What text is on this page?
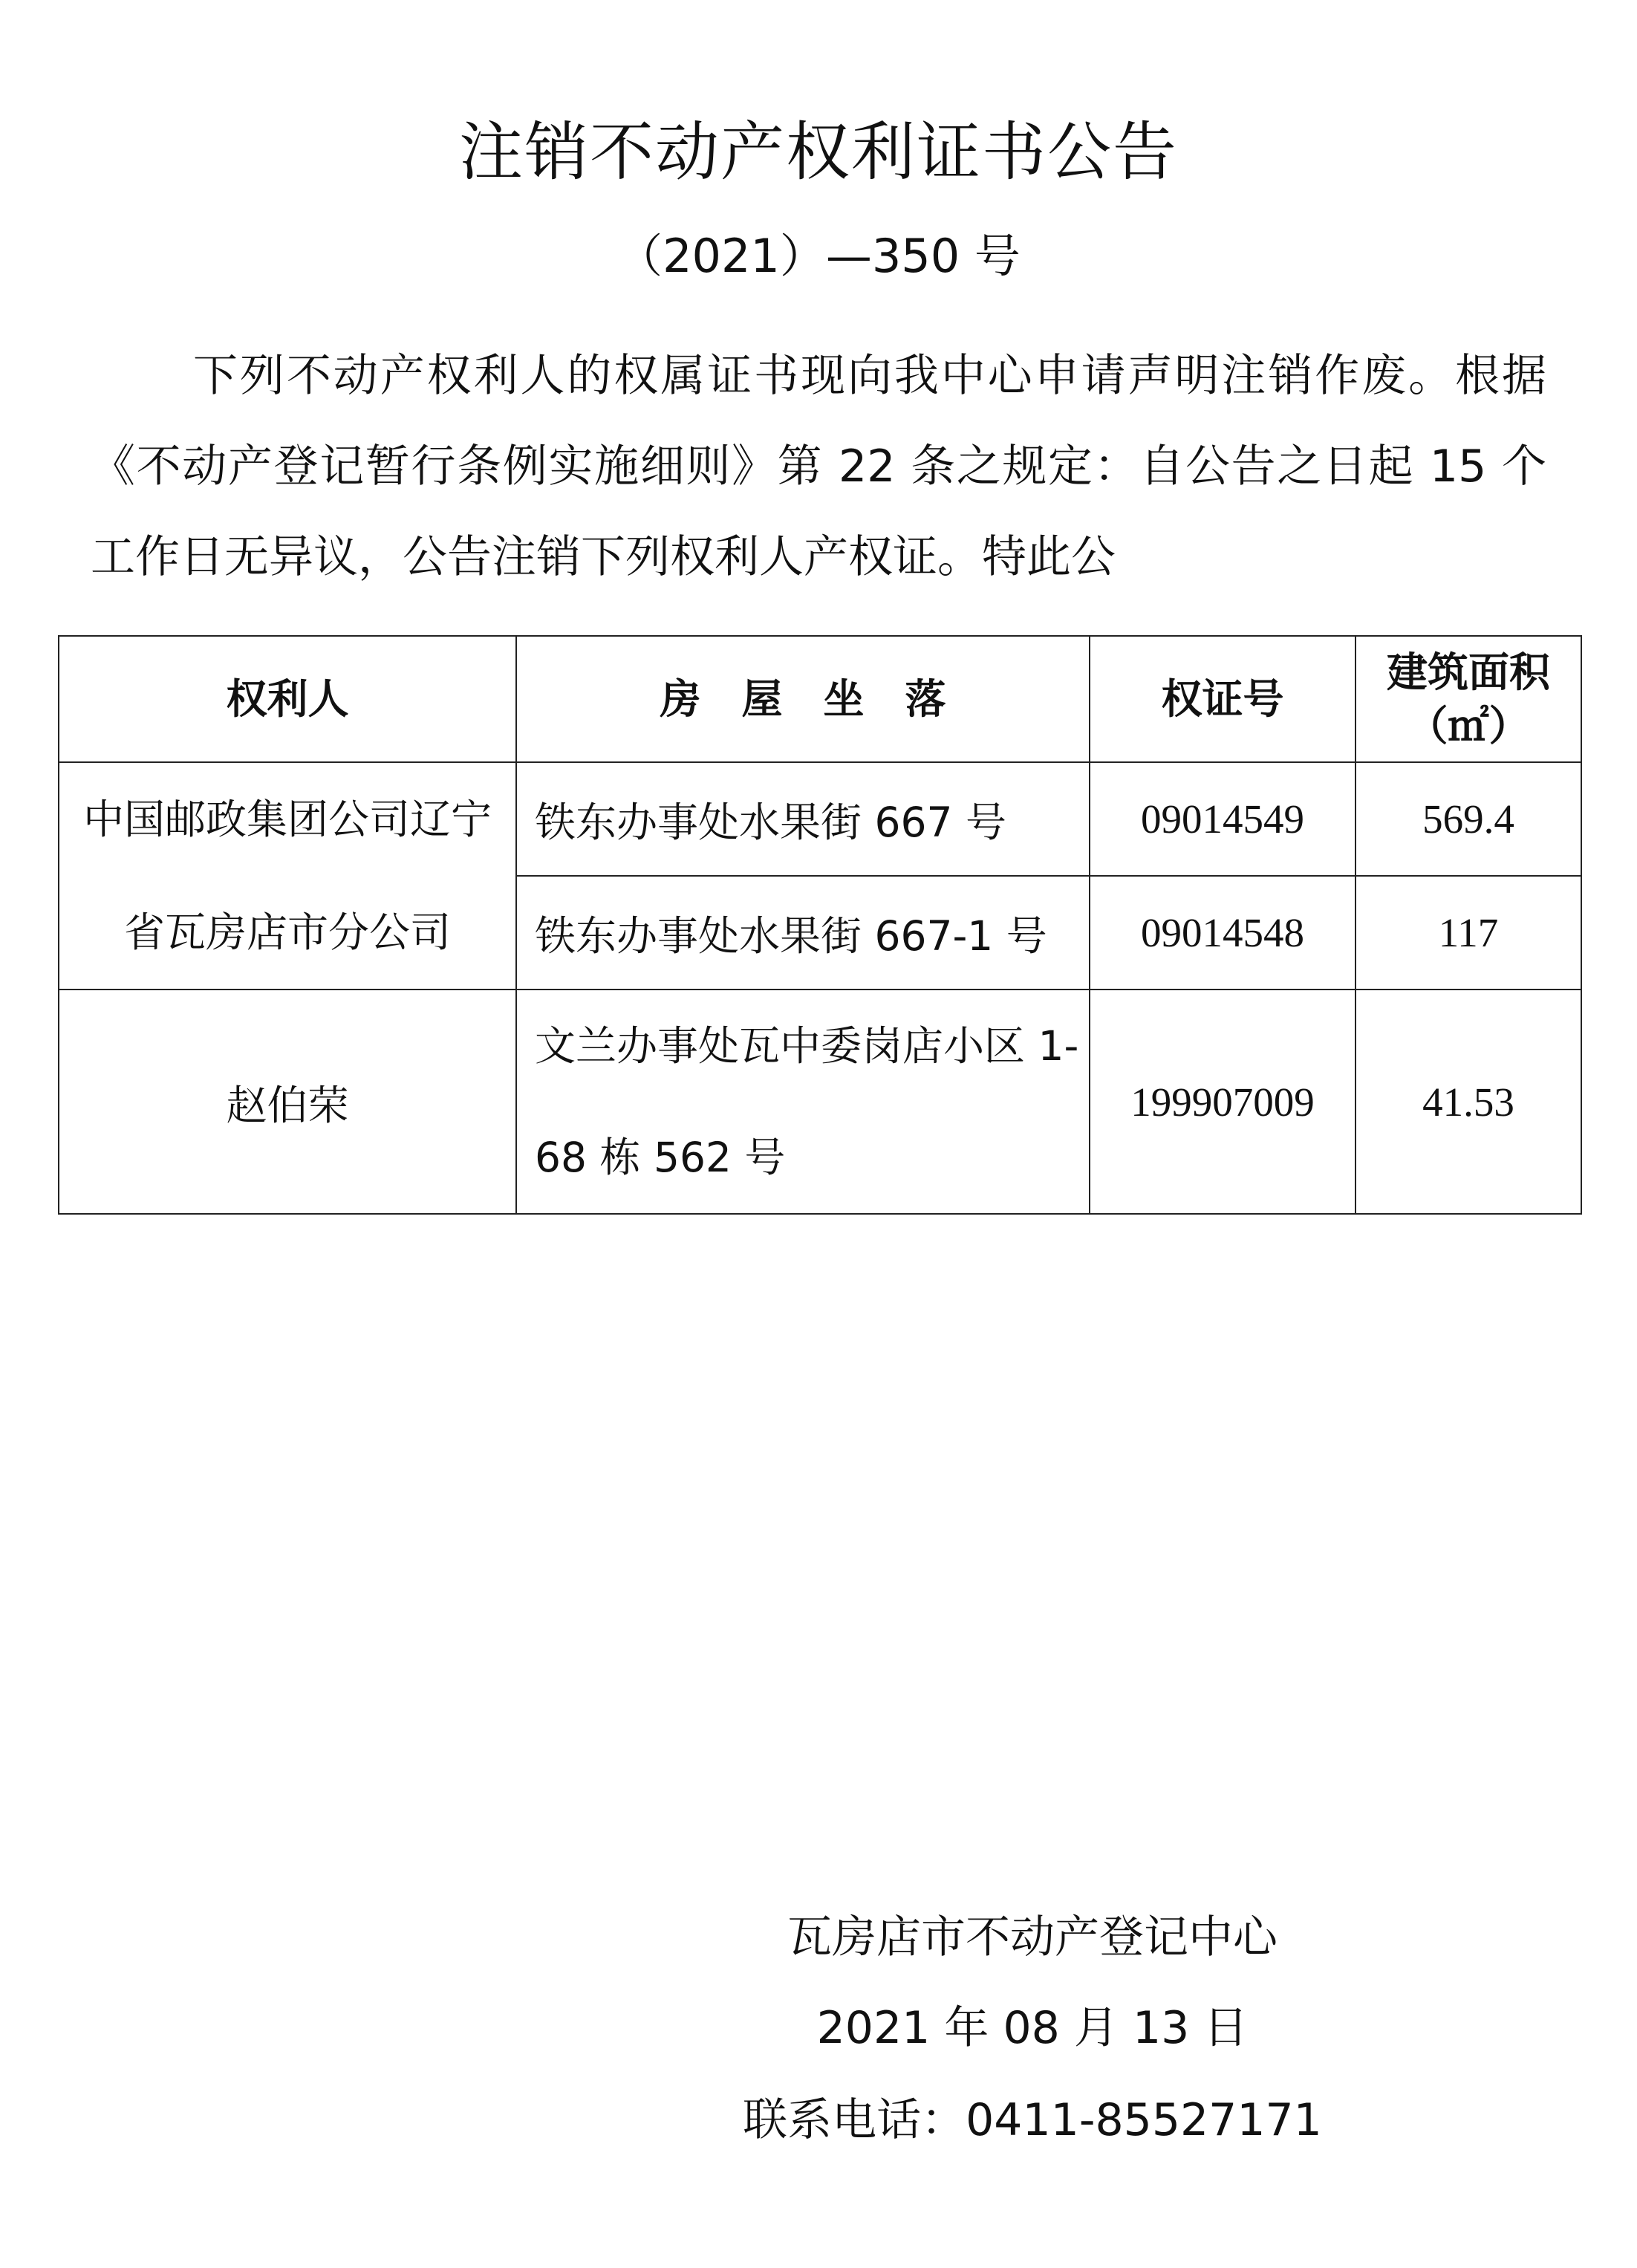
注销不动产权利证书公告
（2021）—350 号

下列不动产权利人的权属证书现向我中心申请声明注销作废。根据《不动产登记暂行条例实施细则》第 22 条之规定：自公告之日起 15 个工作日无异议，公告注销下列权利人产权证。特此公

权利人	房　屋　坐　落	权证号	建筑面积（㎡）
中国邮政集团公司辽宁省瓦房店市分公司	铁东办事处水果街 667 号	09014549	569.4
	铁东办事处水果街 667-1 号	09014548	117
赵伯荣	文兰办事处瓦中委岗店小区 1-68 栋 562 号	199907009	41.53
瓦房店市不动产登记中心
2021 年 08 月 13 日
联系电话：0411-85527171
